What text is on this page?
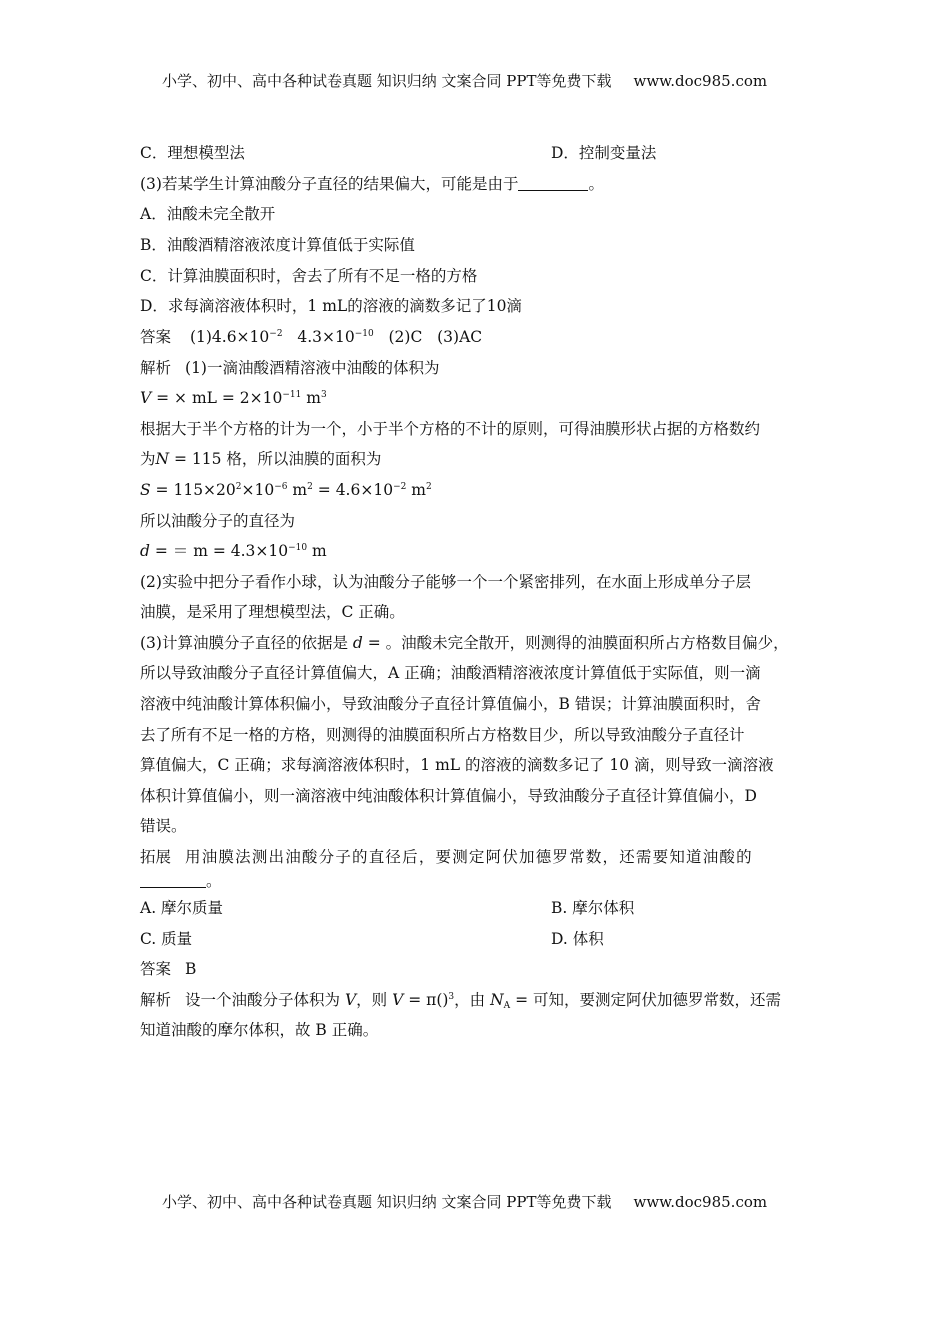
小学、初中、高中各种试卷真题 知识归纳 文案合同 PPT等免费下载 www.doc985.com
C．理想模型法	D．控制变量法
(3)若某学生计算油酸分子直径的结果偏大，可能是由于	。
A．油酸未完全散开
B．油酸酒精溶液浓度计算值低于实际值
C．计算油膜面积时，舍去了所有不足一格的方格
D．求每滴溶液体积时，1 mL的溶液的滴数多记了10滴
答案 $(1)4.6\times 10^{-2}$ $4.3\times 10^{-10}$ (2)C (3)AC
解析 (1)一滴油酸酒精溶液中油酸的体积为
V = × mL = $2\times 10^{-11}$ $m^3$
根据大于半个方格的计为一个，小于半个方格的不计的原则，可得油膜形状占据的方格数约
为N = 115 格，所以油膜的面积为
$S = 115\times 20^2\times 10^{-6}$ $m^2 = 4.6\times 10^{-2}$ $m^2$
所以油酸分子的直径为
d = ＝ $m = 4.3\times 10^{-10}$ m
(2)实验中把分子看作小球，认为油酸分子能够一个一个紧密排列，在水面上形成单分子层
油膜，是采用了理想模型法，C 正确。
(3)计算油膜分子直径的依据是 d = 。油酸未完全散开，则测得的油膜面积所占方格数目偏少，
所以导致油酸分子直径计算值偏大，A 正确；油酸酒精溶液浓度计算值低于实际值，则一滴
溶液中纯油酸计算体积偏小，导致油酸分子直径计算值偏小，B 错误；计算油膜面积时，舍
去了所有不足一格的方格，则测得的油膜面积所占方格数目少，所以导致油酸分子直径计
算值偏大，C 正确；求每滴溶液体积时，1 mL 的溶液的滴数多记了 10 滴，则导致一滴溶液
体积计算值偏小，则一滴溶液中纯油酸体积计算值偏小，导致油酸分子直径计算值偏小，D
错误。
拓展 用油膜法测出油酸分子的直径后，要测定阿伏加德罗常数，还需要知道油酸的
。
A. 摩尔质量	B. 摩尔体积
C. 质量	D. 体积
答案 B
解析 设一个油酸分子体积为 V，则 V = π()$^3$，由 $N_A$ = 可知，要测定阿伏加德罗常数，还需
知道油酸的摩尔体积，故 B 正确。
小学、初中、高中各种试卷真题 知识归纳 文案合同 PPT等免费下载 www.doc985.com
